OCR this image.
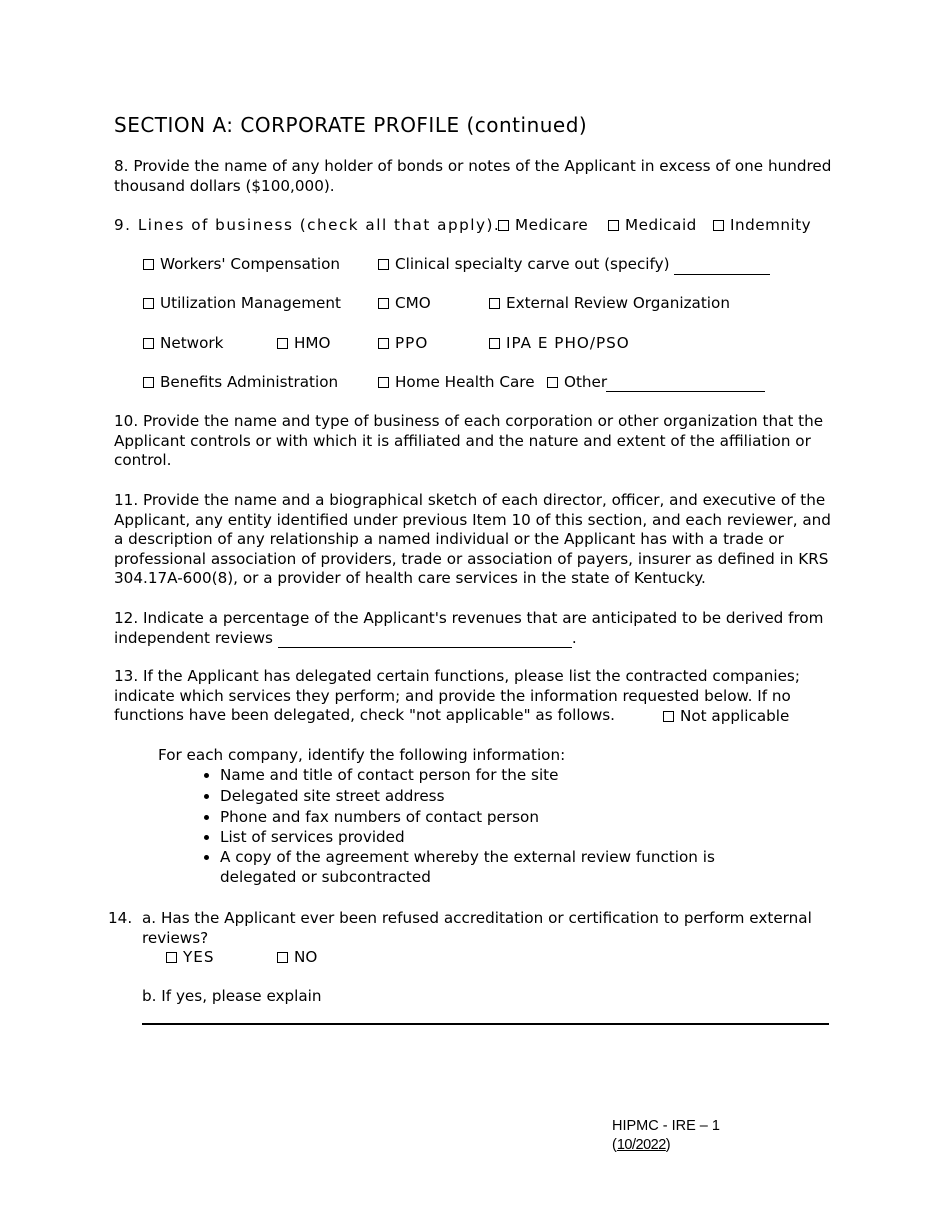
SECTION A: CORPORATE PROFILE (continued)
8. Provide the name of any holder of bonds or notes of the Applicant in excess of one hundred thousand dollars ($100,000).
9. Lines of business (check all that apply). Medicare	Medicaid	Indemnity
Workers' Compensation	Clinical specialty carve out (specify)
Utilization Management	CMO	External Review Organization
Network	HMO	PPO	IPA E PHO/PSO
Benefits Administration	Home Health Care	Other
10. Provide the name and type of business of each corporation or other organization that the Applicant controls or with which it is affiliated and the nature and extent of the affiliation or control.
11. Provide the name and a biographical sketch of each director, officer, and executive of the Applicant, any entity identified under previous Item 10 of this section, and each reviewer, and a description of any relationship a named individual or the Applicant has with a trade or professional association of providers, trade or association of payers, insurer as defined in KRS 304.17A-600(8), or a provider of health care services in the state of Kentucky.
12. Indicate a percentage of the Applicant's revenues that are anticipated to be derived from independent reviews	.
13. If the Applicant has delegated certain functions, please list the contracted companies; indicate which services they perform; and provide the information requested below. If no functions have been delegated, check "not applicable" as follows.	Not applicable
For each company, identify the following information:
• Name and title of contact person for the site
• Delegated site street address
• Phone and fax numbers of contact person
• List of services provided
• A copy of the agreement whereby the external review function is delegated or subcontracted
14. a. Has the Applicant ever been refused accreditation or certification to perform external reviews?
YES	NO
b. If yes, please explain
HIPMC - IRE – 1
(10/2022)
